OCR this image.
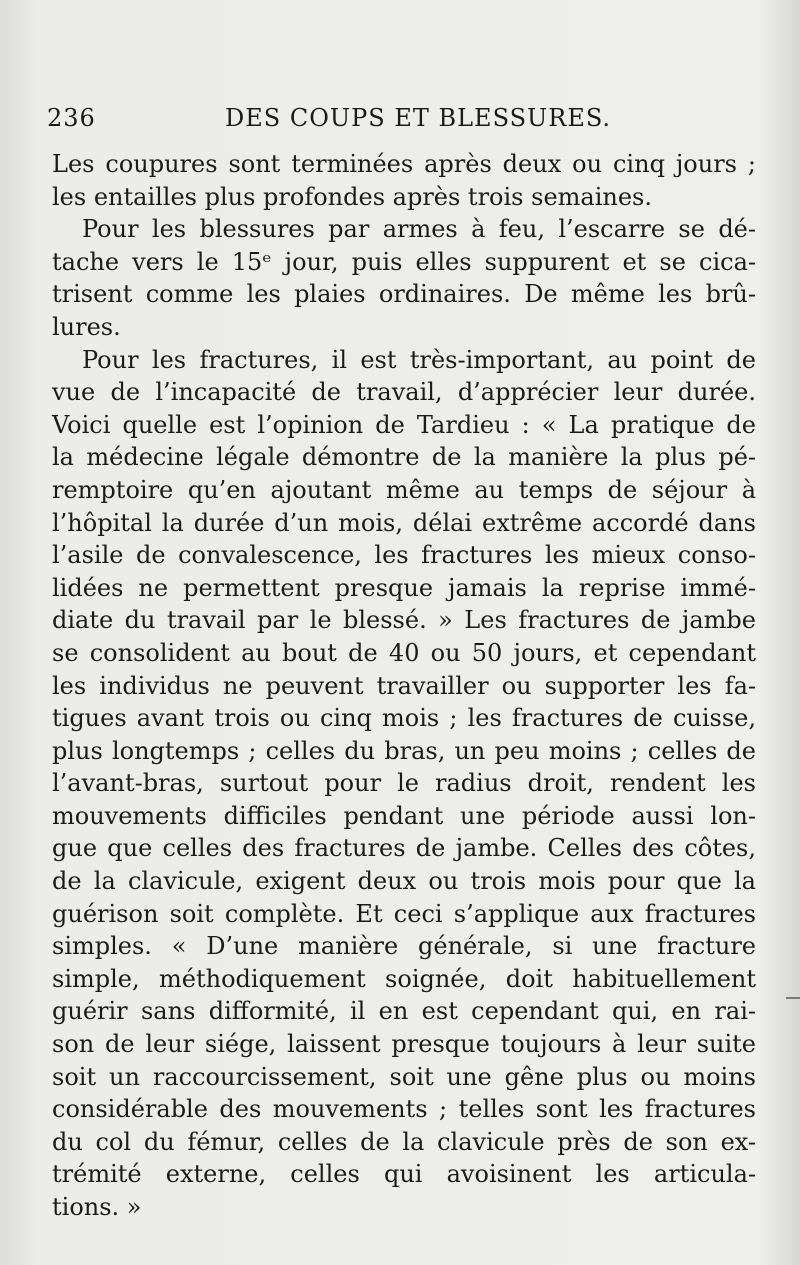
236	DES COUPS ET BLESSURES.
Les coupures sont terminées après deux ou cinq jours ;
les entailles plus profondes après trois semaines.
Pour les blessures par armes à feu, l’escarre se dé-
tache vers le 15ᵉ jour, puis elles suppurent et se cica-
trisent comme les plaies ordinaires. De même les brû-
lures.
Pour les fractures, il est très-important, au point de
vue de l’incapacité de travail, d’apprécier leur durée.
Voici quelle est l’opinion de Tardieu : « La pratique de
la médecine légale démontre de la manière la plus pé-
remptoire qu’en ajoutant même au temps de séjour à
l’hôpital la durée d’un mois, délai extrême accordé dans
l’asile de convalescence, les fractures les mieux conso-
lidées ne permettent presque jamais la reprise immé-
diate du travail par le blessé. » Les fractures de jambe
se consolident au bout de 40 ou 50 jours, et cependant
les individus ne peuvent travailler ou supporter les fa-
tigues avant trois ou cinq mois ; les fractures de cuisse,
plus longtemps ; celles du bras, un peu moins ; celles de
l’avant-bras, surtout pour le radius droit, rendent les
mouvements difficiles pendant une période aussi lon-
gue que celles des fractures de jambe. Celles des côtes,
de la clavicule, exigent deux ou trois mois pour que la
guérison soit complète. Et ceci s’applique aux fractures
simples. « D’une manière générale, si une fracture
simple, méthodiquement soignée, doit habituellement
guérir sans difformité, il en est cependant qui, en rai-
son de leur siége, laissent presque toujours à leur suite
soit un raccourcissement, soit une gêne plus ou moins
considérable des mouvements ; telles sont les fractures
du col du fémur, celles de la clavicule près de son ex-
trémité externe, celles qui avoisinent les articula-
tions. »
